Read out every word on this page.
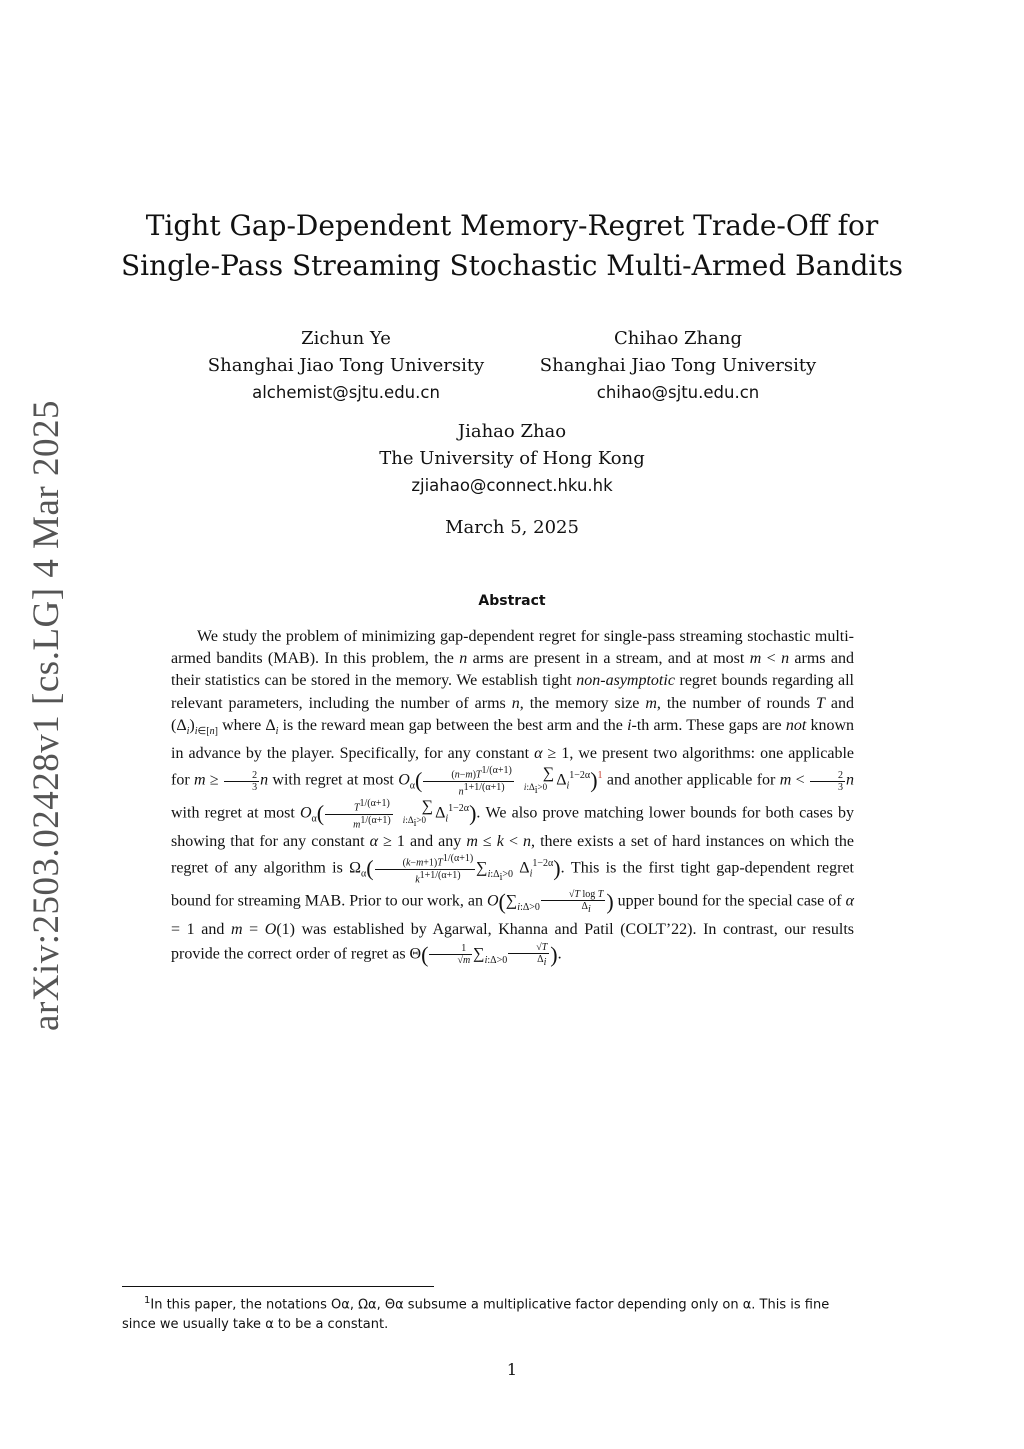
arXiv:2503.02428v1 [cs.LG] 4 Mar 2025
Tight Gap-Dependent Memory-Regret Trade-Off for
Single-Pass Streaming Stochastic Multi-Armed Bandits
Zichun Ye
Shanghai Jiao Tong University
alchemist@sjtu.edu.cn
Chihao Zhang
Shanghai Jiao Tong University
chihao@sjtu.edu.cn
Jiahao Zhao
The University of Hong Kong
zjiahao@connect.hku.hk
March 5, 2025
Abstract

We study the problem of minimizing gap-dependent regret for single-pass streaming stochastic multi-armed bandits (MAB). In this problem, the n arms are present in a stream, and at most m < n arms and their statistics can be stored in the memory. We establish tight non-asymptotic regret bounds regarding all relevant parameters, including the number of arms n, the memory size m, the number of rounds T and $(\Delta_i)_{i\in[n]}$ where $\Delta_i$ is the reward mean gap between the best arm and the i-th arm. These gaps are not known in advance by the player. Specifically, for any constant α ≥ 1, we present two algorithms: one applicable for $m \ge \frac{2}{3}$ n with regret at most $O_\alpha( \frac{(n-m)T^{1/(\alpha+1)}}{n^{1+1/(\alpha+1)}}$	∑
$i:\Delta_i>0$ $\Delta_i^{1-2\alpha})^1$ and another applicable for $m < \frac{2}{3}$ n with regret at most $O_\alpha( \frac{T^{1/(\alpha+1)}}{m^{1/(\alpha+1)}}$	∑
$i:\Delta_i>0$ $\Delta_i^{1-2\alpha}$). We also prove matching lower bounds for both cases by showing that for any constant α ≥ 1 and any m ≤ k < n, there exists a set of hard instances on which the regret of any algorithm is $\Omega_\alpha( \frac{(k-m+1)T^{1/(\alpha+1)}}{k^{1+1/(\alpha+1)}} \sum_{i:\Delta_i>0}$ $\Delta_i^{1-2\alpha}$). This is the first tight gap-dependent regret bound for streaming MAB. Prior to our work, an $O(\sum_{i:\Delta>0} \frac{\text{√T log T}}{\Delta_i}$ ) upper bound for the special case of α = 1 and m = O(1) was established by Agarwal, Khanna and Patil (COLT’22). In contrast, our results provide the correct order of regret as $\Theta( \frac{1}{√m} \sum_{i:\Delta>0} \frac{√T}{\Delta_i}$ ).

$^1$In this paper, the notations Oα, Ωα, Θα subsume a multiplicative factor depending only on α. This is fine
since we usually take α to be a constant.
1
